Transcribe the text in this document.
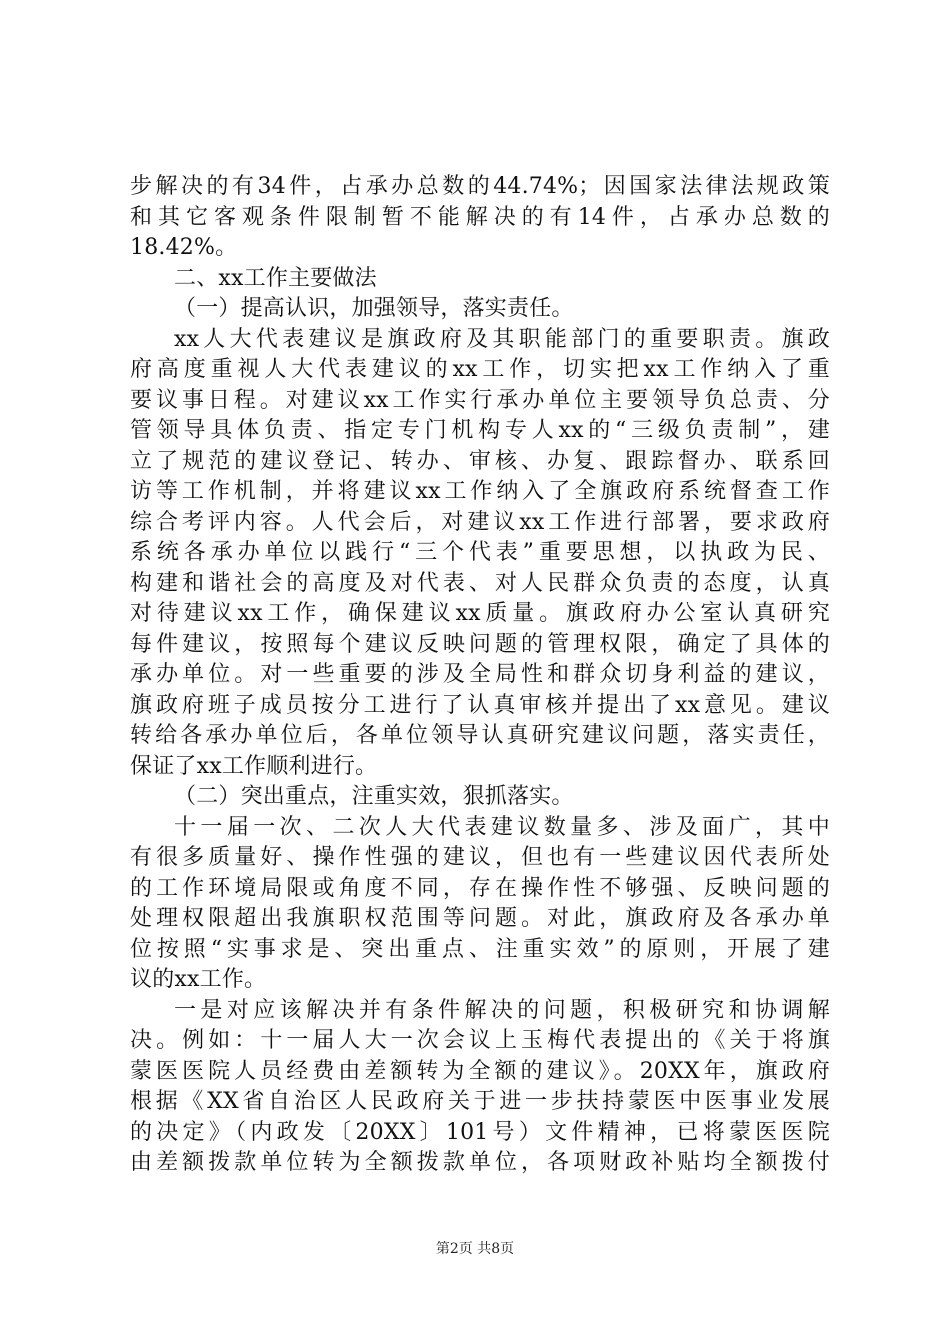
步解决的有34件，占承办总数的44.74%；因国家法律法规政策
和其它客观条件限制暂不能解决的有14件，占承办总数的
18.42%。
二、xx工作主要做法
（一）提高认识，加强领导，落实责任。
xx人大代表建议是旗政府及其职能部门的重要职责。旗政
府高度重视人大代表建议的xx工作，切实把xx工作纳入了重
要议事日程。对建议xx工作实行承办单位主要领导负总责、分
管领导具体负责、指定专门机构专人xx的“三级负责制”，建
立了规范的建议登记、转办、审核、办复、跟踪督办、联系回
访等工作机制，并将建议xx工作纳入了全旗政府系统督查工作
综合考评内容。人代会后，对建议xx工作进行部署，要求政府
系统各承办单位以践行“三个代表”重要思想，以执政为民、
构建和谐社会的高度及对代表、对人民群众负责的态度，认真
对待建议xx工作，确保建议xx质量。旗政府办公室认真研究
每件建议，按照每个建议反映问题的管理权限，确定了具体的
承办单位。对一些重要的涉及全局性和群众切身利益的建议，
旗政府班子成员按分工进行了认真审核并提出了xx意见。建议
转给各承办单位后，各单位领导认真研究建议问题，落实责任，
保证了xx工作顺利进行。
（二）突出重点，注重实效，狠抓落实。
十一届一次、二次人大代表建议数量多、涉及面广，其中
有很多质量好、操作性强的建议，但也有一些建议因代表所处
的工作环境局限或角度不同，存在操作性不够强、反映问题的
处理权限超出我旗职权范围等问题。对此，旗政府及各承办单
位按照“实事求是、突出重点、注重实效”的原则，开展了建
议的xx工作。
一是对应该解决并有条件解决的问题，积极研究和协调解
决。例如：十一届人大一次会议上玉梅代表提出的《关于将旗
蒙医医院人员经费由差额转为全额的建议》。20XX年，旗政府
根据《XX省自治区人民政府关于进一步扶持蒙医中医事业发展
的决定》（内政发〔20XX〕101号）文件精神，已将蒙医医院
由差额拨款单位转为全额拨款单位，各项财政补贴均全额拨付
第2页 共8页
